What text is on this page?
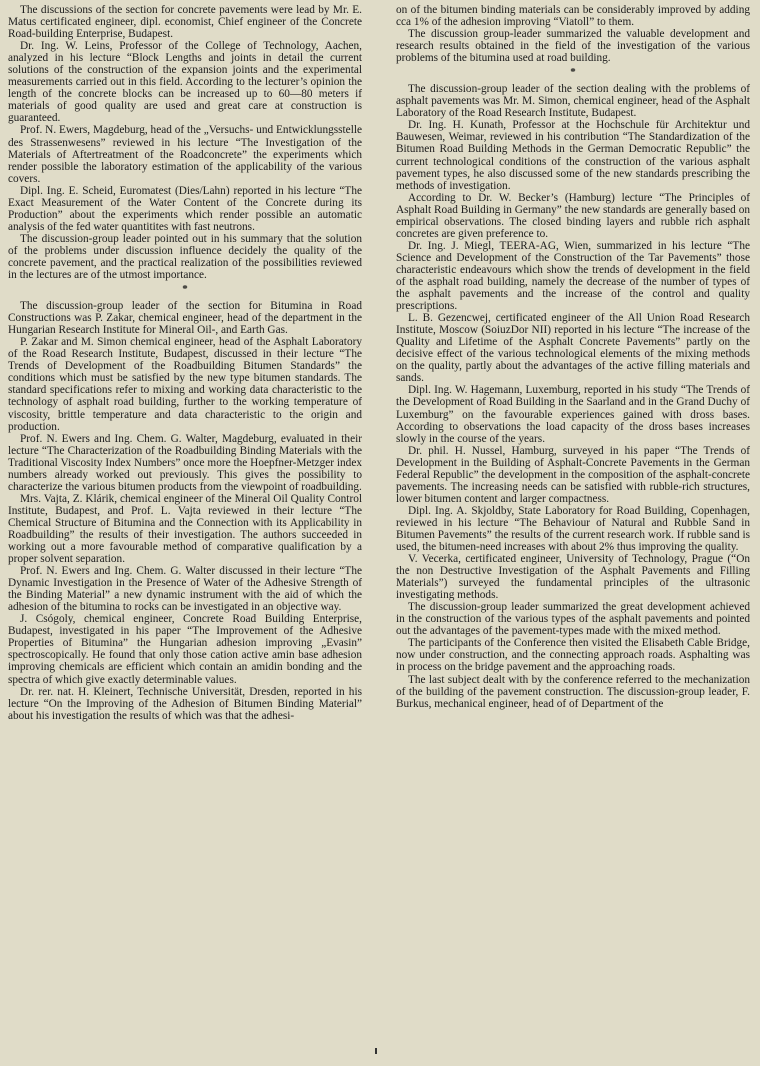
The discussions of the section for concrete pavements were lead by Mr. E. Matus certificated engineer, dipl. economist, Chief engineer of the Concrete Road-building Enterprise, Budapest.

Dr. Ing. W. Leins, Professor of the College of Technology, Aachen, analyzed in his lecture “Block Lengths and joints in detail the current solutions of the construction of the expansion joints and the experimental measurements carried out in this field. According to the lecturer’s opinion the length of the concrete blocks can be increased up to 60—80 meters if materials of good quality are used and great care at construction is guaranteed.

Prof. N. Ewers, Magdeburg, head of the „Versuchs- und Entwicklungsstelle des Strassenwesens” reviewed in his lecture “The Investigation of the Materials of Aftertreatment of the Roadconcrete” the experiments which render possible the laboratory estimation of the applicability of the various covers.

Dipl. Ing. E. Scheid, Euromatest (Dies/Lahn) reported in his lecture “The Exact Measurement of the Water Content of the Concrete during its Production” about the experiments which render possible an automatic analysis of the fed water quantitites with fast neutrons.

The discussion-group leader pointed out in his summary that the solution of the problems under discussion influence decidely the quality of the concrete pavement, and the practical realization of the possibilities reviewed in the lectures are of the utmost importance.

*

The discussion-group leader of the section for Bitumina in Road Constructions was P. Zakar, chemical engineer, head of the department in the Hungarian Research Institute for Mineral Oil-, and Earth Gas.

P. Zakar and M. Simon chemical engineer, head of the Asphalt Laboratory of the Road Research Institute, Budapest, discussed in their lecture “The Trends of Development of the Roadbuilding Bitumen Standards” the conditions which must be satisfied by the new type bitumen standards. The standard specifications refer to mixing and working data characteristic to the technology of asphalt road building, further to the working temperature of viscosity, brittle temperature and data characteristic to the origin and production.

Prof. N. Ewers and Ing. Chem. G. Walter, Magdeburg, evaluated in their lecture “The Characterization of the Roadbuilding Binding Materials with the Traditional Viscosity Index Numbers” once more the Hoepfner-Metzger index numbers already worked out previously. This gives the possibility to characterize the various bitumen products from the viewpoint of roadbuilding.

Mrs. Vajta, Z. Klárik, chemical engineer of the Mineral Oil Quality Control Institute, Budapest, and Prof. L. Vajta reviewed in their lecture “The Chemical Structure of Bitumina and the Connection with its Applicability in Roadbuilding” the results of their investigation. The authors succeeded in working out a more favourable method of comparative qualification by a proper solvent separation.

Prof. N. Ewers and Ing. Chem. G. Walter discussed in their lecture “The Dynamic Investigation in the Presence of Water of the Adhesive Strength of the Binding Material” a new dynamic instrument with the aid of which the adhesion of the bitumina to rocks can be investigated in an objective way.

J. Csógoly, chemical engineer, Concrete Road Building Enterprise, Budapest, investigated in his paper “The Improvement of the Adhesive Properties of Bitumina” the Hungarian adhesion improving „Evasin” spectroscopically. He found that only those cation active amin base adhesion improving chemicals are efficient which contain an amidin bonding and the spectra of which give exactly determinable values.

Dr. rer. nat. H. Kleinert, Technische Universität, Dresden, reported in his lecture “On the Improving of the Adhesion of Bitumen Binding Material” about his investigation the results of which was that the adhesi-

on of the bitumen binding materials can be considerably improved by adding cca 1% of the adhesion improving “Viatoll” to them.

The discussion group-leader summarized the valuable development and research results obtained in the field of the investigation of the various problems of the bitumina used at road building.

*

The discussion-group leader of the section dealing with the problems of asphalt pavements was Mr. M. Simon, chemical engineer, head of the Asphalt Laboratory of the Road Research Institute, Budapest.

Dr. Ing. H. Kunath, Professor at the Hochschule für Architektur und Bauwesen, Weimar, reviewed in his contribution “The Standardization of the Bitumen Road Building Methods in the German Democratic Republic” the current technological conditions of the construction of the various asphalt pavement types, he also discussed some of the new standards prescribing the methods of investigation.

According to Dr. W. Becker’s (Hamburg) lecture “The Principles of Asphalt Road Building in Germany” the new standards are generally based on empirical observations. The closed binding layers and rubble rich asphalt concretes are given preference to.

Dr. Ing. J. Miegl, TEERA-AG, Wien, summarized in his lecture “The Science and Development of the Construction of the Tar Pavements” those characteristic endeavours which show the trends of development in the field of the asphalt road building, namely the decrease of the number of types of the asphalt pavements and the increase of the control and quality prescriptions.

L. B. Gezencwej, certificated engineer of the All Union Road Research Institute, Moscow (SoiuzDor NII) reported in his lecture “The increase of the Quality and Lifetime of the Asphalt Concrete Pavements” partly on the decisive effect of the various technological elements of the mixing methods on the quality, partly about the advantages of the active filling materials and sands.

Dipl. Ing. W. Hagemann, Luxemburg, reported in his study “The Trends of the Development of Road Building in the Saarland and in the Grand Duchy of Luxemburg” on the favourable experiences gained with dross bases. According to observations the load capacity of the dross bases increases slowly in the course of the years.

Dr. phil. H. Nussel, Hamburg, surveyed in his paper “The Trends of Development in the Building of Asphalt-Concrete Pavements in the German Federal Republic” the development in the composition of the asphalt-concrete pavements. The increasing needs can be satisfied with rubble-rich structures, lower bitumen content and larger compactness.

Dipl. Ing. A. Skjoldby, State Laboratory for Road Building, Copenhagen, reviewed in his lecture “The Behaviour of Natural and Rubble Sand in Bitumen Pavements” the results of the current research work. If rubble sand is used, the bitumen-need increases with about 2% thus improving the quality.

V. Vecerka, certificated engineer, University of Technology, Prague (“On the non Destructive Investigation of the Asphalt Pavements and Filling Materials”) surveyed the fundamental principles of the ultrasonic investigating methods.

The discussion-group leader summarized the great development achieved in the construction of the various types of the asphalt pavements and pointed out the advantages of the pavement-types made with the mixed method.

The participants of the Conference then visited the Elisabeth Cable Bridge, now under construction, and the connecting approach roads. Asphalting was in process on the bridge pavement and the approaching roads.

The last subject dealt with by the conference referred to the mechanization of the building of the pavement construction. The discussion-group leader, F. Burkus, mechanical engineer, head of of Department of the
